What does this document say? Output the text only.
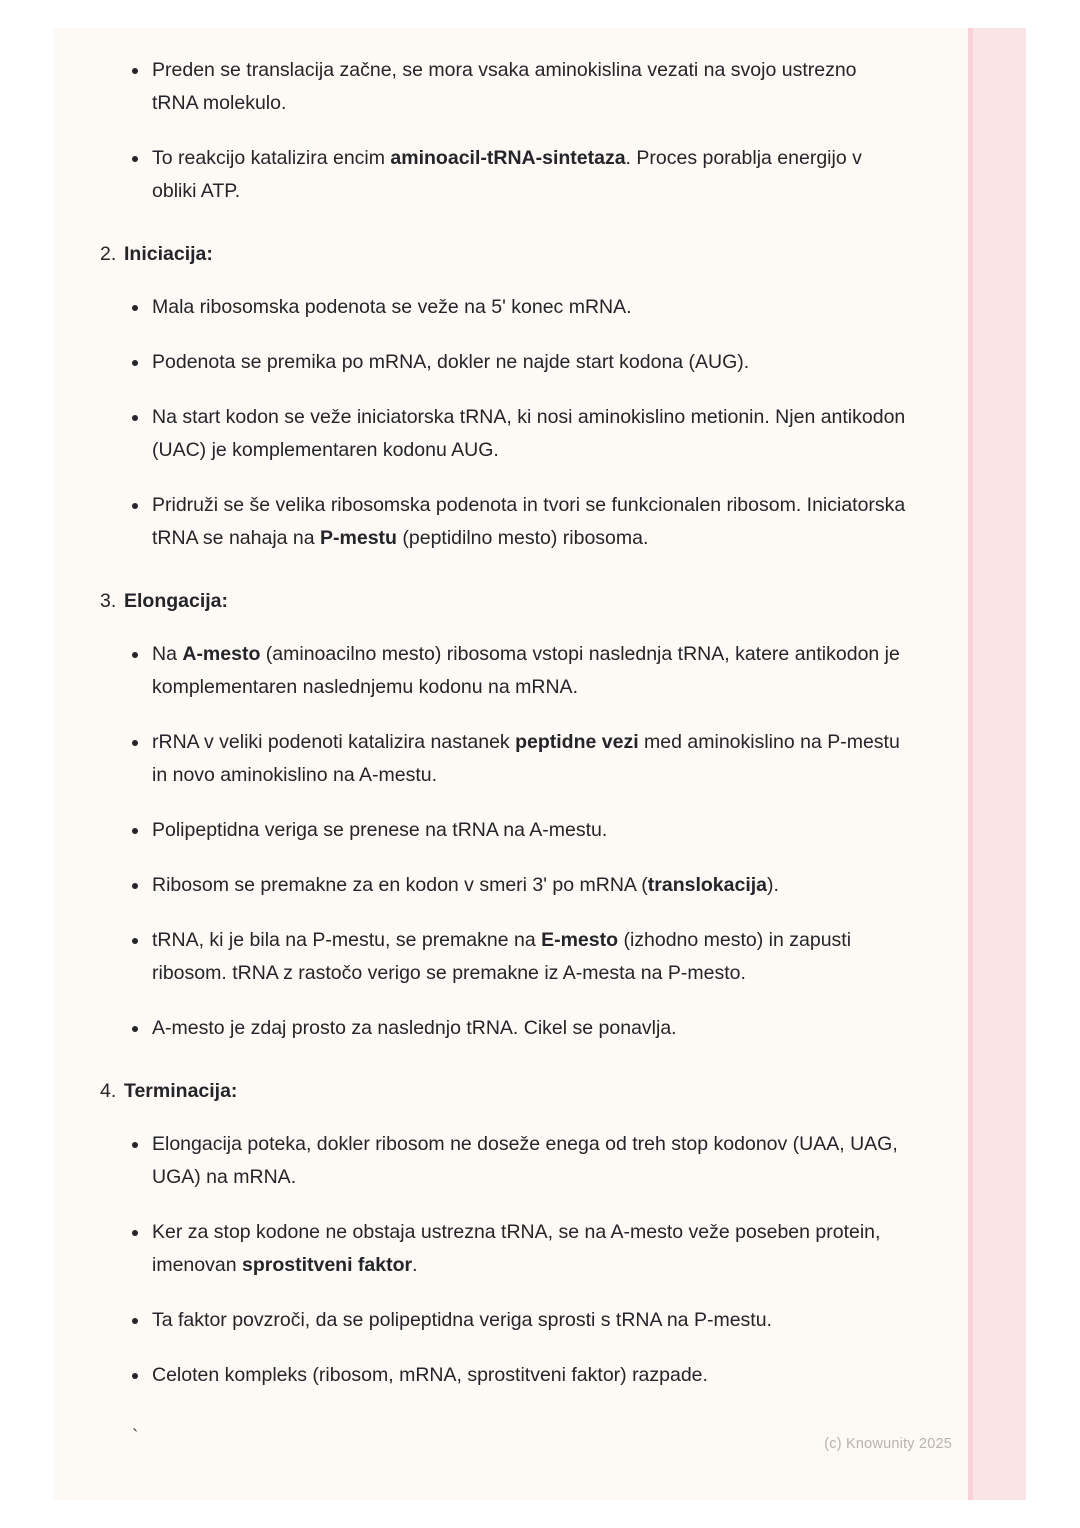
Preden se translacija začne, se mora vsaka aminokislina vezati na svojo ustrezno tRNA molekulo.
To reakcijo katalizira encim aminoacil-tRNA-sintetaza. Proces porablja energijo v obliki ATP.
2. Iniciacija:
Mala ribosomska podenota se veže na 5' konec mRNA.
Podenota se premika po mRNA, dokler ne najde start kodona (AUG).
Na start kodon se veže iniciatorska tRNA, ki nosi aminokislino metionin. Njen antikodon (UAC) je komplementaren kodonu AUG.
Pridruži se še velika ribosomska podenota in tvori se funkcionalen ribosom. Iniciatorska tRNA se nahaja na P-mestu (peptidilno mesto) ribosoma.
3. Elongacija:
Na A-mesto (aminoacilno mesto) ribosoma vstopi naslednja tRNA, katere antikodon je komplementaren naslednjemu kodonu na mRNA.
rRNA v veliki podenoti katalizira nastanek peptidne vezi med aminokislino na P-mestu in novo aminokislino na A-mestu.
Polipeptidna veriga se prenese na tRNA na A-mestu.
Ribosom se premakne za en kodon v smeri 3' po mRNA (translokacija).
tRNA, ki je bila na P-mestu, se premakne na E-mesto (izhodno mesto) in zapusti ribosom. tRNA z rastočo verigo se premakne iz A-mesta na P-mesto.
A-mesto je zdaj prosto za naslednjo tRNA. Cikel se ponavlja.
4. Terminacija:
Elongacija poteka, dokler ribosom ne doseže enega od treh stop kodonov (UAA, UAG, UGA) na mRNA.
Ker za stop kodone ne obstaja ustrezna tRNA, se na A-mesto veže poseben protein, imenovan sprostitveni faktor.
Ta faktor povzroči, da se polipeptidna veriga sprosti s tRNA na P-mestu.
Celoten kompleks (ribosom, mRNA, sprostitveni faktor) razpade.
`	(c) Knowunity 2025
